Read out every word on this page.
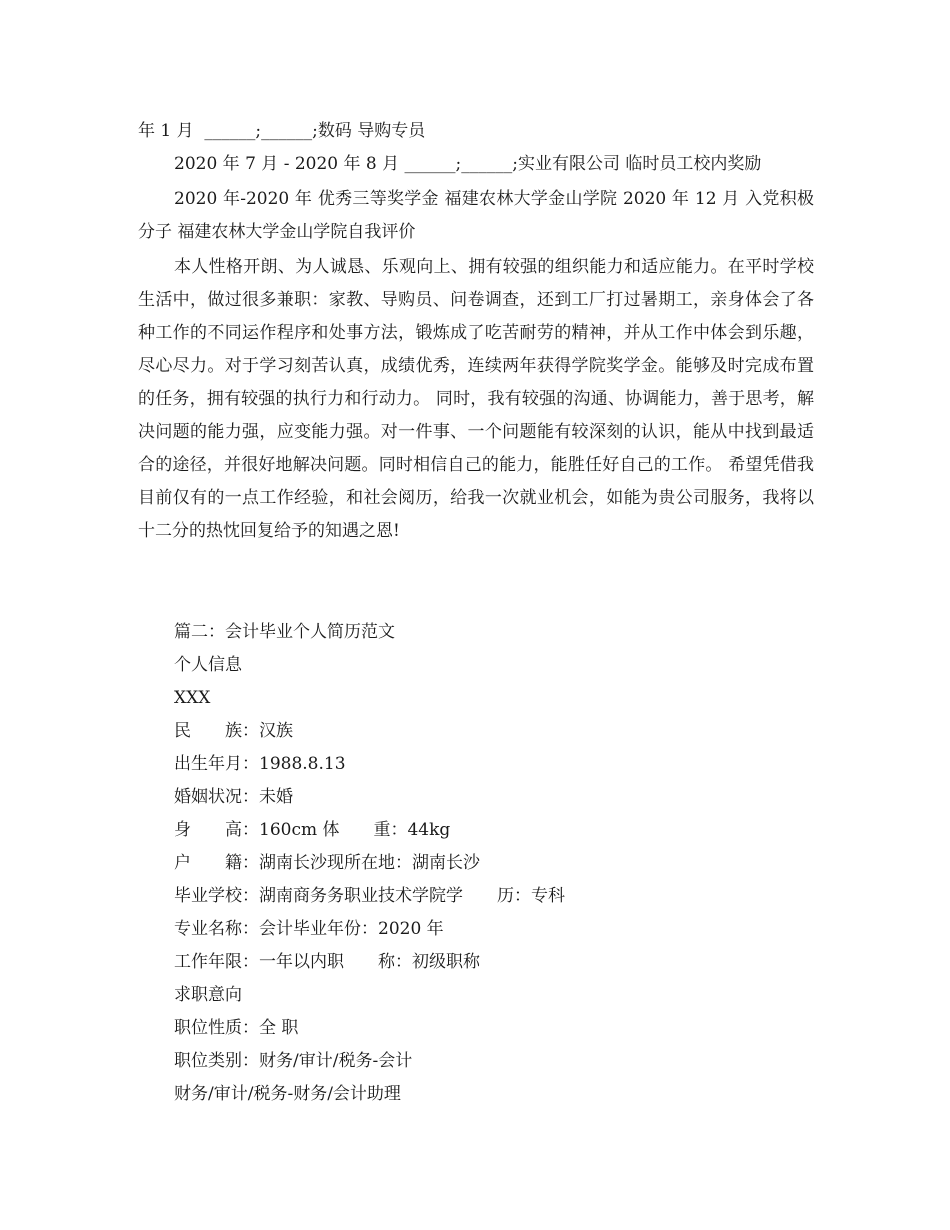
年 1 月  ______;______;数码 导购专员
2020 年 7 月 - 2020 年 8 月 ______;______;实业有限公司 临时员工校内奖励
2020 年-2020 年 优秀三等奖学金 福建农林大学金山学院 2020 年 12 月 入党积极分子 福建农林大学金山学院自我评价
本人性格开朗、为人诚恳、乐观向上、拥有较强的组织能力和适应能力。在平时学校生活中，做过很多兼职：家教、导购员、问卷调查，还到工厂打过暑期工，亲身体会了各种工作的不同运作程序和处事方法，锻炼成了吃苦耐劳的精神，并从工作中体会到乐趣，尽心尽力。对于学习刻苦认真，成绩优秀，连续两年获得学院奖学金。能够及时完成布置的任务，拥有较强的执行力和行动力。 同时，我有较强的沟通、协调能力，善于思考，解决问题的能力强，应变能力强。对一件事、一个问题能有较深刻的认识，能从中找到最适合的途径，并很好地解决问题。同时相信自己的能力，能胜任好自己的工作。 希望凭借我目前仅有的一点工作经验，和社会阅历，给我一次就业机会，如能为贵公司服务，我将以十二分的热忱回复给予的知遇之恩!
篇二：会计毕业个人简历范文
个人信息
XXX
民　　族：汉族
出生年月：1988.8.13
婚姻状况：未婚
身　　高：160cm 体　　重：44kg
户　　籍：湖南长沙现所在地：湖南长沙
毕业学校：湖南商务务职业技术学院学　　历：专科
专业名称：会计毕业年份：2020 年
工作年限：一年以内职　　称：初级职称
求职意向
职位性质：全 职
职位类别：财务/审计/税务-会计
财务/审计/税务-财务/会计助理
